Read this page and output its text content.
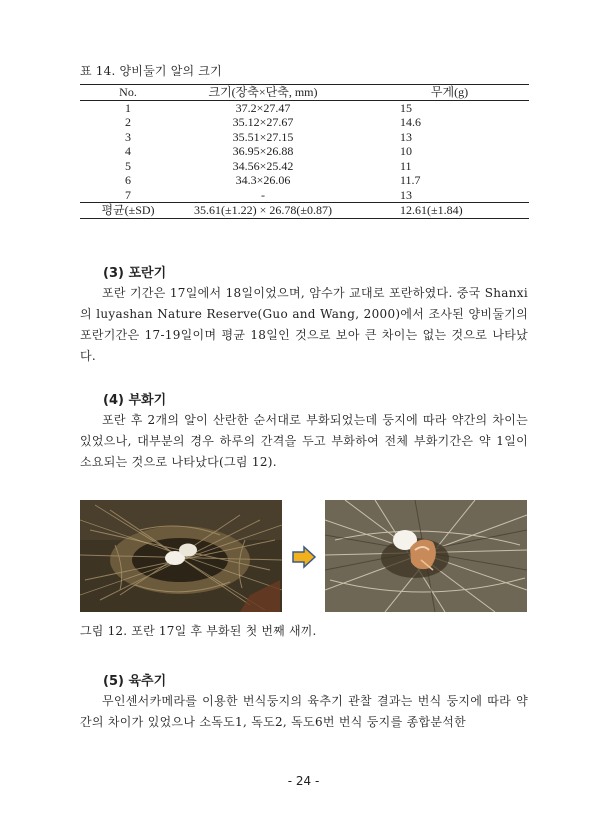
표 14. 양비둘기 알의 크기
No.	크기(장축×단축, mm)	무게(g)
1	37.2×27.47	15
2	35.12×27.67	14.6
3	35.51×27.15	13
4	36.95×26.88	10
5	34.56×25.42	11
6	34.3×26.06	11.7
7	-	13
평균(±SD)	35.61(±1.22) × 26.78(±0.87)	12.61(±1.84)
(3) 포란기
포란 기간은 17일에서 18일이었으며, 암수가 교대로 포란하였다. 중국 Shanxi의 luyashan Nature Reserve(Guo and Wang, 2000)에서 조사된 양비둘기의 포란기간은 17-19일이며 평균 18일인 것으로 보아 큰 차이는 없는 것으로 나타났다.
(4) 부화기
포란 후 2개의 알이 산란한 순서대로 부화되었는데 둥지에 따라 약간의 차이는 있었으나, 대부분의 경우 하루의 간격을 두고 부화하여 전체 부화기간은 약 1일이 소요되는 것으로 나타났다(그림 12).
그림 12. 포란 17일 후 부화된 첫 번째 새끼.
(5) 육추기
무인센서카메라를 이용한 번식둥지의 육추기 관찰 결과는 번식 둥지에 따라 약간의 차이가 있었으나 소독도1, 독도2, 독도6번 번식 둥지를 종합분석한
- 24 -
